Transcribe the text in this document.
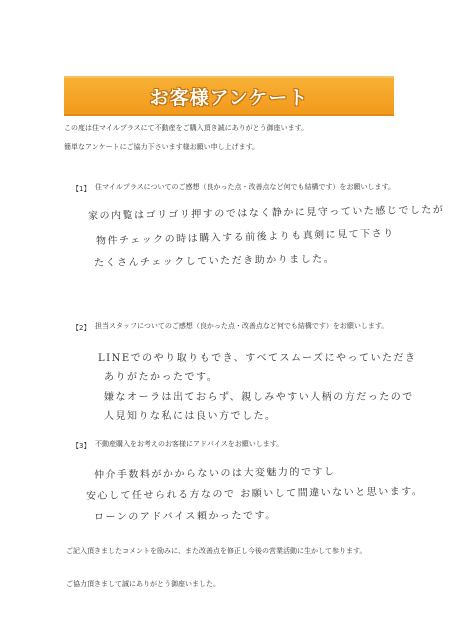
お客様アンケート
この度は住マイルプラスにて不動産をご購入頂き誠にありがとう御座います。
簡単なアンケートにご協力下さいます様お願い申し上げます。
【1】 住マイルプラスについてのご感想（良かった点・改善点など何でも結構です）をお願いします。
家の内覧はゴリゴリ押すのではなく静かに見守っていた感じでしたが
物件チェックの時は購入する前後よりも真剣に見て下さり
たくさんチェックしていただき助かりました。
【2】 担当スタッフについてのご感想（良かった点・改善点など何でも結構です）をお願いします。
LINEでのやり取りもでき、すべてスムーズにやっていただき
ありがたかったです。
嫌なオーラは出ておらず、親しみやすい人柄の方だったので
人見知りな私には良い方でした。
【3】 不動産購入をお考えのお客様にアドバイスをお願いします。
仲介手数料がかからないのは大変魅力的ですし
安心して任せられる方なので お願いして間違いないと思います。
ローンのアドバイス頼かったです。
ご記入頂きましたコメントを励みに、また改善点を修正し今後の営業活動に生かして参ります。
ご協力頂きまして誠にありがとう御座いました。
